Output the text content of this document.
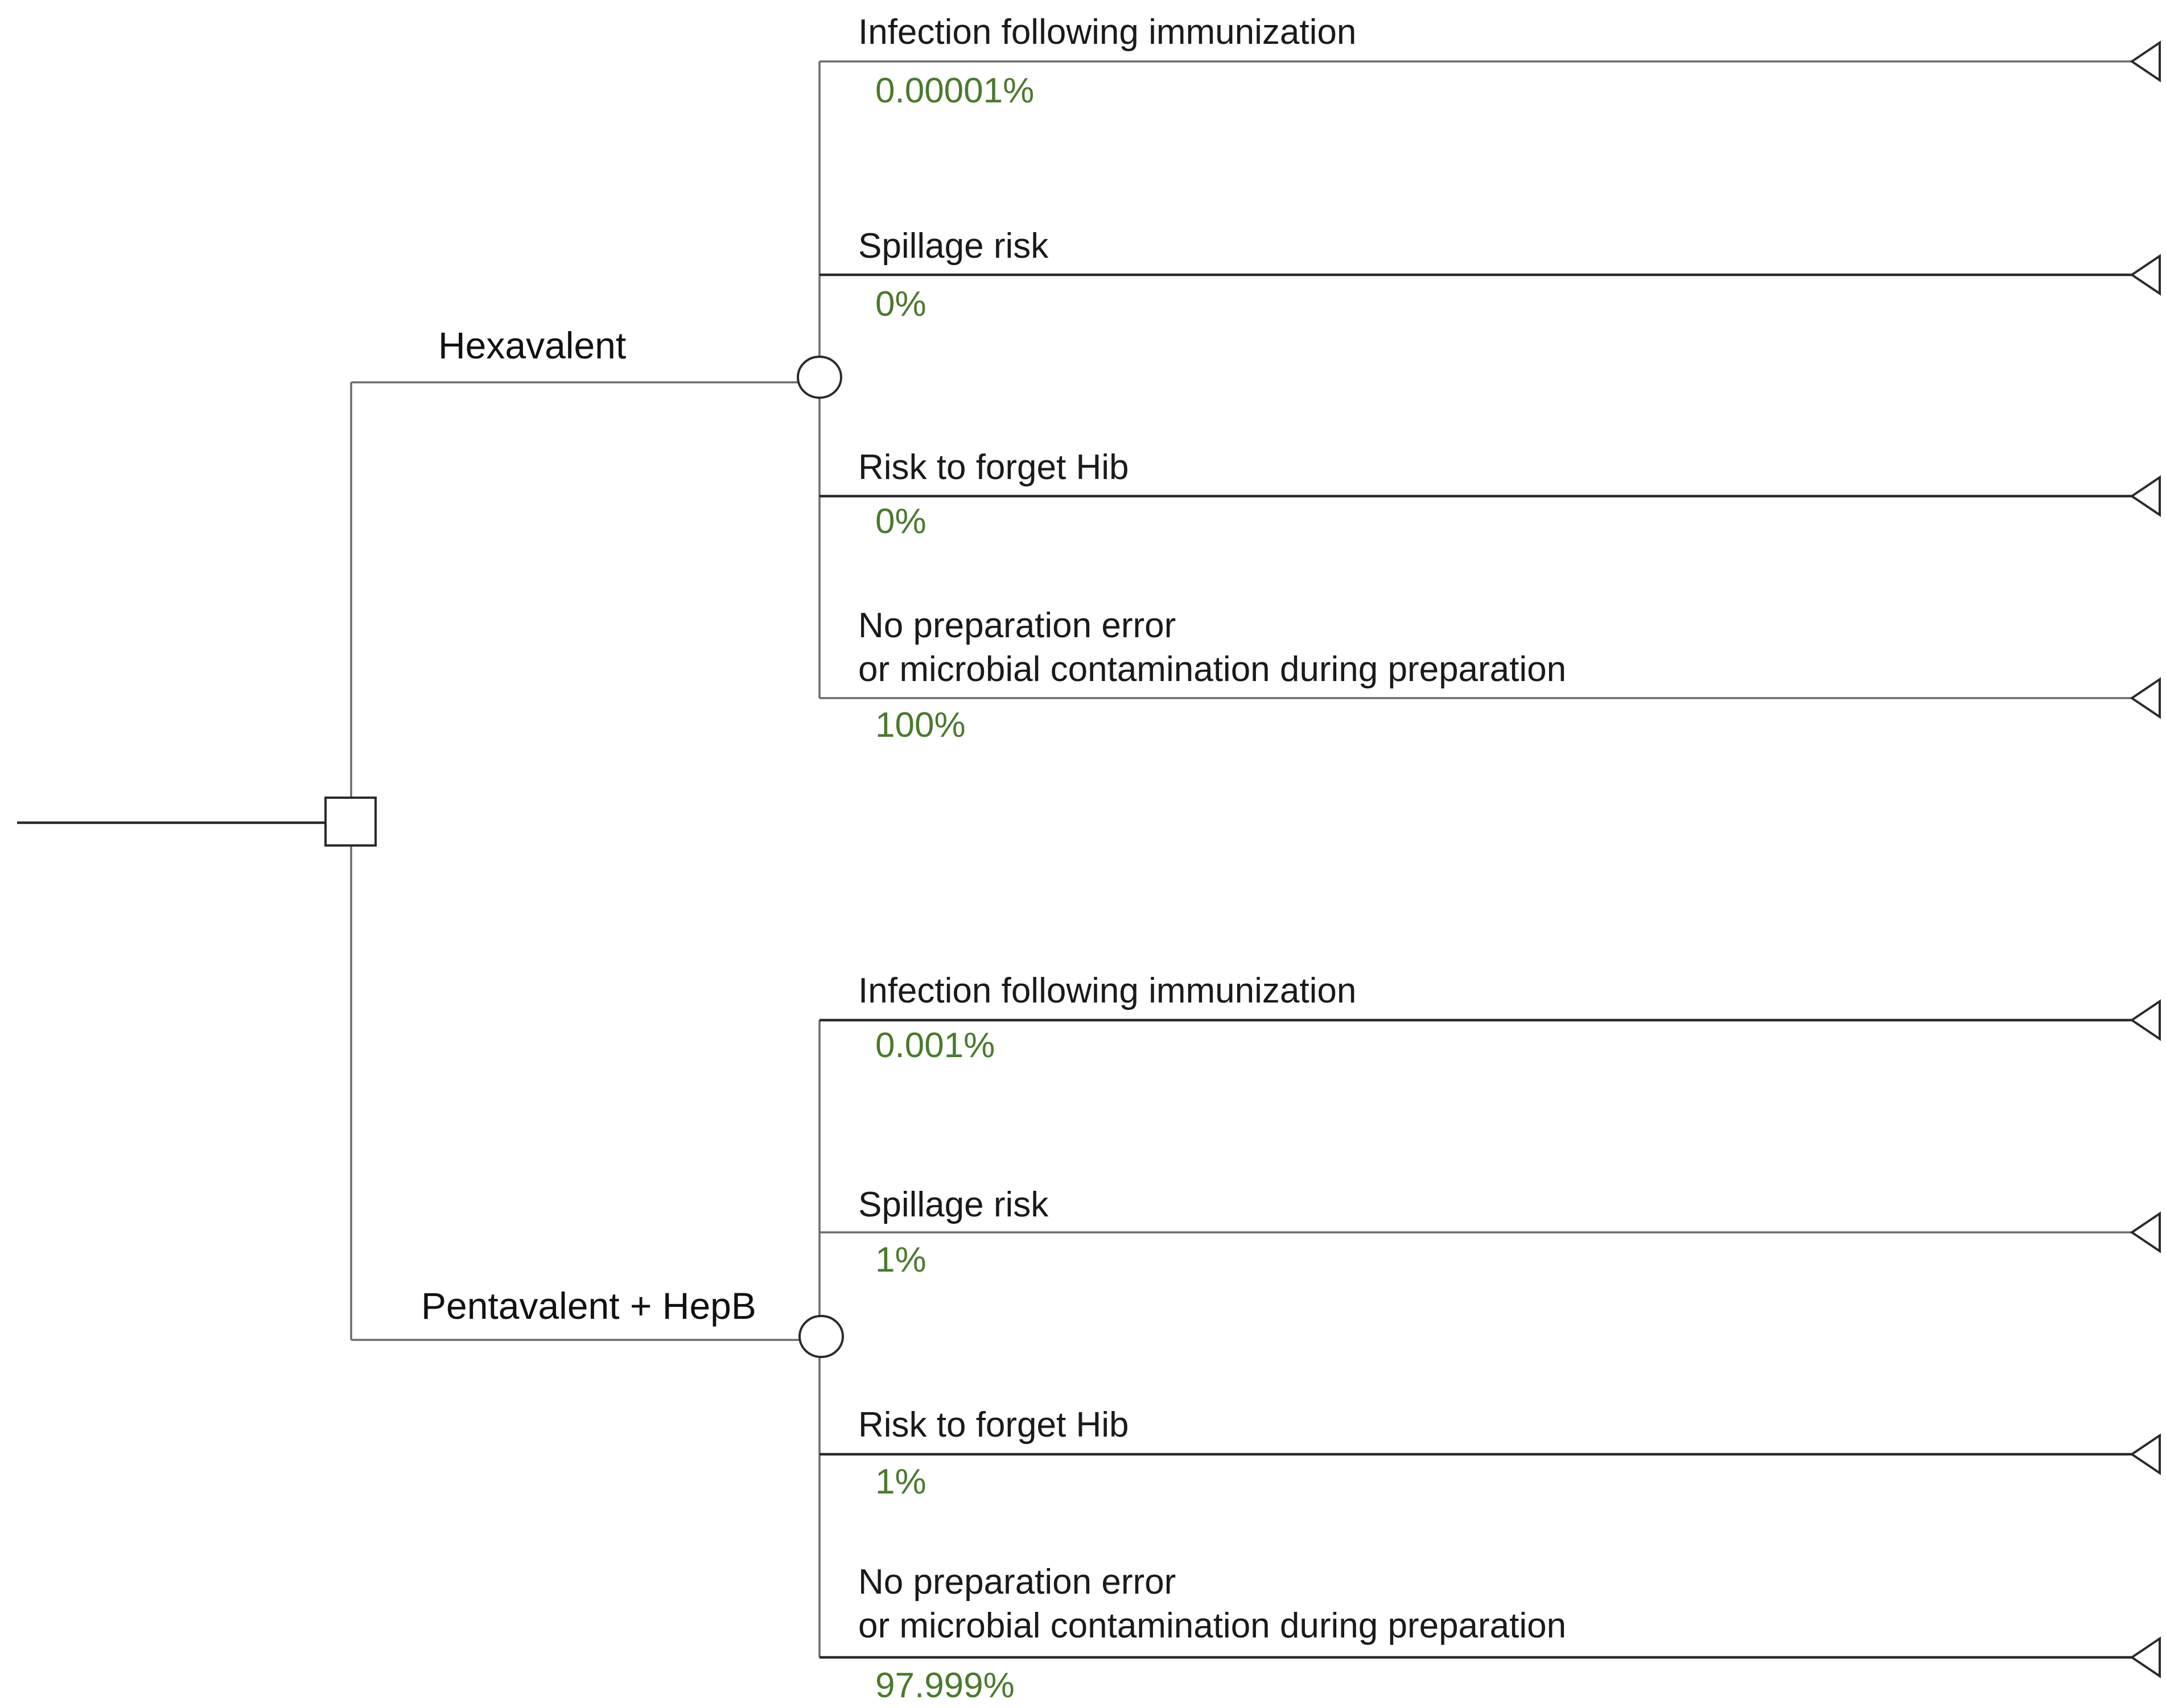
Hexavalent
Infection following immunization
0.00001%
Spillage risk
0%
Risk to forget Hib
0%
No preparation error
or microbial contamination during preparation
100%
Pentavalent + HepB
Infection following immunization
0.001%
Spillage risk
1%
Risk to forget Hib
1%
No preparation error
or microbial contamination during preparation
97.999%
